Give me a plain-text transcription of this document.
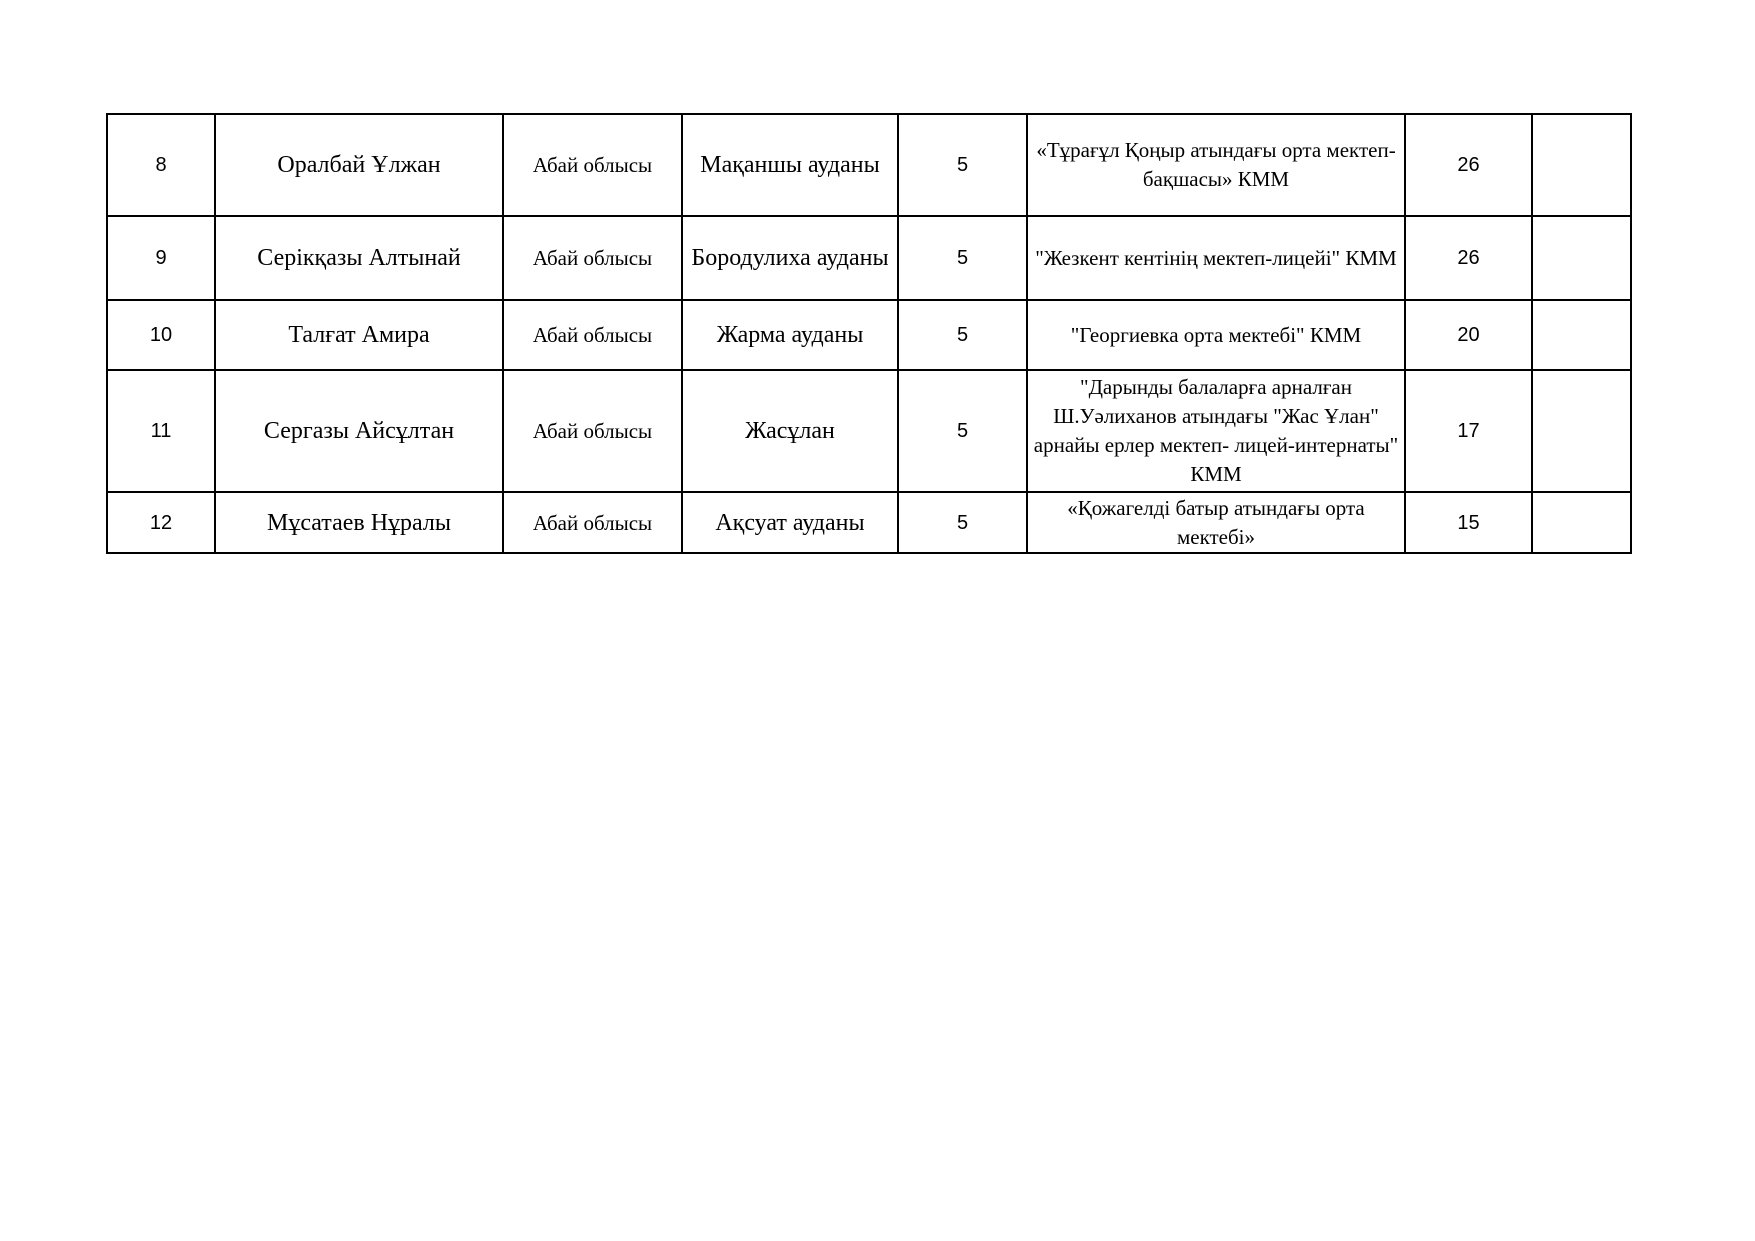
8	Оралбай Ұлжан	Абай облысы	Мақаншы ауданы	5	«Тұрағұл Қоңыр атындағы орта мектеп-бақшасы» КММ	26	
9	Серікқазы Алтынай	Абай облысы	Бородулиха ауданы	5	"Жезкент кентінің мектеп-лицейі" КММ	26	
10	Талғат Амира	Абай облысы	Жарма ауданы	5	"Георгиевка орта мектебі" КММ	20	
11	Сергазы Айсұлтан	Абай облысы	Жасұлан	5	"Дарынды балаларға арналған Ш.Уәлиханов атындағы "Жас Ұлан" арнайы ерлер мектеп- лицей-интернаты" КММ	17	
12	Мұсатаев Нұралы	Абай облысы	Ақсуат ауданы	5	«Қожагелді батыр атындағы орта мектебі»	15	
